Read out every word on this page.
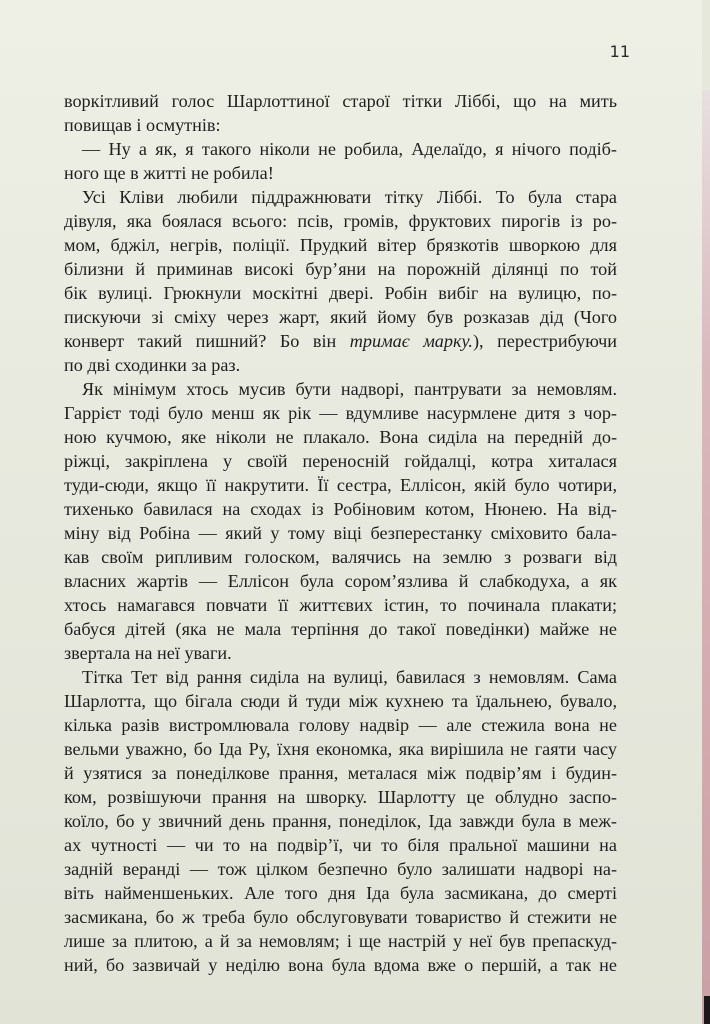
11
воркітливий голос Шарлоттиної старої тітки Ліббі, що на мить
повищав і осмутнів:
— Ну а як, я такого ніколи не робила, Аделаїдо, я нічого подіб-
ного ще в житті не робила!
Усі Кліви любили піддражнювати тітку Ліббі. То була стара
дівуля, яка боялася всього: псів, громів, фруктових пирогів із ро-
мом, бджіл, негрів, поліції. Прудкий вітер брязкотів шворкою для
білизни й приминав високі бур’яни на порожній ділянці по той
бік вулиці. Грюкнули москітні двері. Робін вибіг на вулицю, по-
пискуючи зі сміху через жарт, який йому був розказав дід (Чого
конверт такий пишний? Бо він тримає марку.), перестрибуючи
по дві сходинки за раз.
Як мінімум хтось мусив бути надворі, пантрувати за немовлям.
Гаррієт тоді було менш як рік — вдумливе насурмлене дитя з чор-
ною кучмою, яке ніколи не плакало. Вона сиділа на передній до-
ріжці, закріплена у своїй переносній гойдалці, котра хиталася
туди-сюди, якщо її накрутити. Її сестра, Еллісон, якій було чотири,
тихенько бавилася на сходах із Робіновим котом, Нюнею. На від-
міну від Робіна — який у тому віці безперестанку сміховито бала-
кав своїм рипливим голоском, валячись на землю з розваги від
власних жартів — Еллісон була сором’язлива й слабкодуха, а як
хтось намагався повчати її життєвих істин, то починала плакати;
бабуся дітей (яка не мала терпіння до такої поведінки) майже не
звертала на неї уваги.
Тітка Тет від рання сиділа на вулиці, бавилася з немовлям. Сама
Шарлотта, що бігала сюди й туди між кухнею та їдальнею, бувало,
кілька разів вистромлювала голову надвір — але стежила вона не
вельми уважно, бо Іда Ру, їхня економка, яка вирішила не гаяти часу
й узятися за понеділкове прання, металася між подвір’ям і будин-
ком, розвішуючи прання на шворку. Шарлотту це облудно заспо-
коїло, бо у звичний день прання, понеділок, Іда завжди була в меж-
ах чутності — чи то на подвір’ї, чи то біля пральної машини на
задній веранді — тож цілком безпечно було залишати надворі на-
віть найменшеньких. Але того дня Іда була засмикана, до смерті
засмикана, бо ж треба було обслуговувати товариство й стежити не
лише за плитою, а й за немовлям; і ще настрій у неї був препаскуд-
ний, бо зазвичай у неділю вона була вдома вже о першій, а так не
